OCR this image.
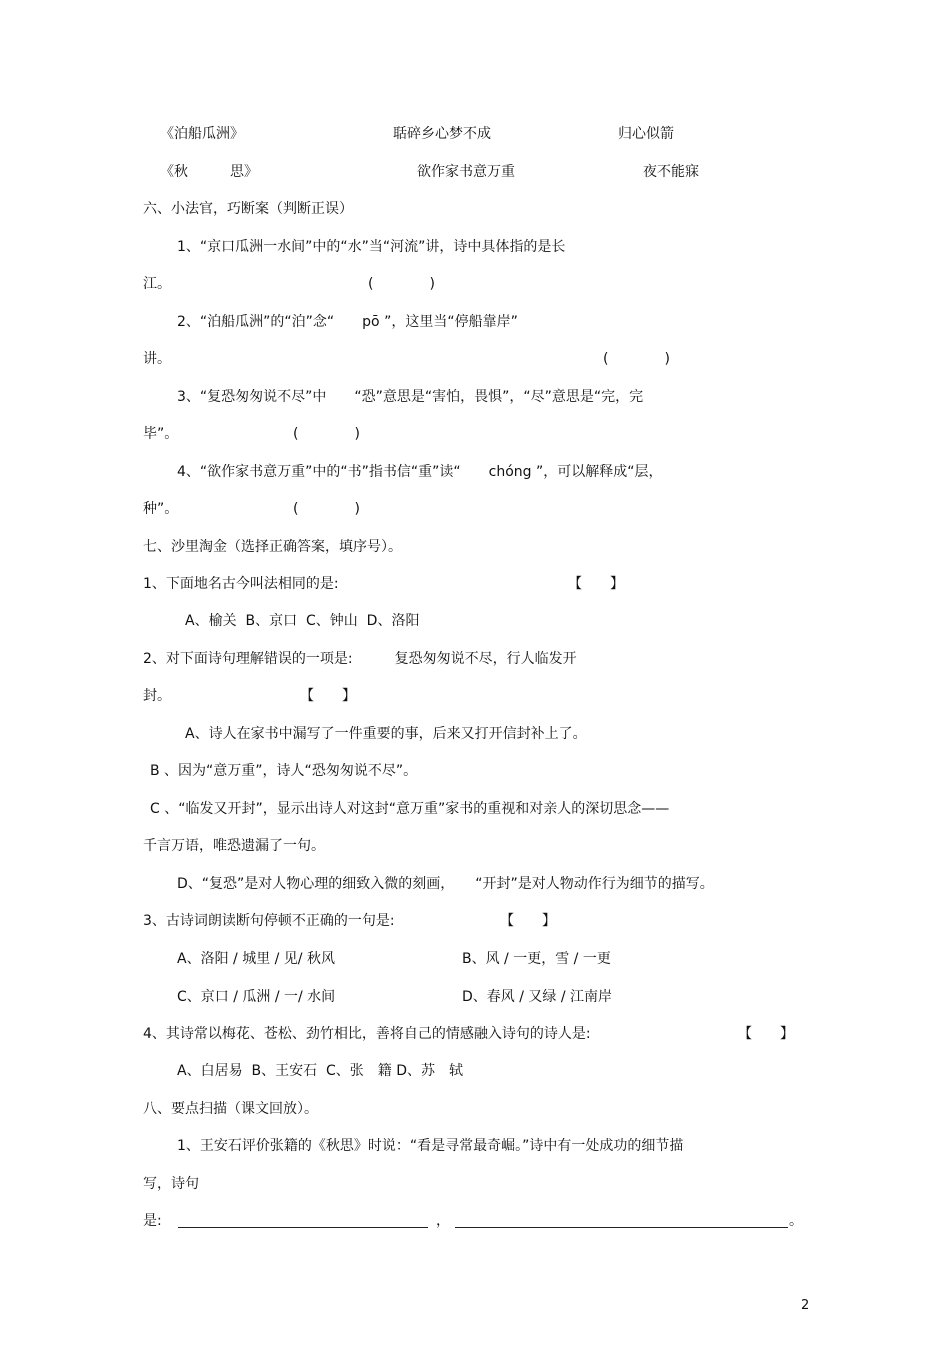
《泊船瓜洲》	聒碎乡心梦不成	归心似箭
《秋　　　思》	欲作家书意万重	夜不能寐
六、小法官，巧断案（判断正误）
1、“京口瓜洲一水间”中的“水”当“河流”讲，诗中具体指的是长
江。	(　　　　)
2、“泊船瓜洲”的“泊”念“　　pō ”，这里当“停船靠岸”
讲。	(　　　　)
3、“复恐匆匆说不尽”中　　“恐”意思是“害怕，畏惧”，“尽”意思是“完，完
毕”。	(　　　　)
4、“欲作家书意万重”中的“书”指书信“重”读“　　chóng ”，可以解释成“层，
种”。	(　　　　)
七、沙里淘金（选择正确答案，填序号）。
1、下面地名古今叫法相同的是:	【　　】
A、榆关  B、京口  C、钟山  D、洛阳
2、对下面诗句理解错误的一项是:　　　复恐匆匆说不尽，行人临发开
封。	【　　】
A、诗人在家书中漏写了一件重要的事，后来又打开信封补上了。
B 、因为“意万重”，诗人“恐匆匆说不尽”。
C 、“临发又开封”，显示出诗人对这封“意万重”家书的重视和对亲人的深切思念——
千言万语，唯恐遗漏了一句。
D、“复恐”是对人物心理的细致入微的刻画，　　“开封”是对人物动作行为细节的描写。
3、古诗词朗读断句停顿不正确的一句是:	【　　】
A、洛阳 / 城里 / 见/ 秋风	B、风 / 一更，雪 / 一更
C、京口 / 瓜洲 / 一/ 水间	D、春风 / 又绿 / 江南岸
4、其诗常以梅花、苍松、劲竹相比，善将自己的情感融入诗句的诗人是:	【　　】
A、白居易  B、王安石  C、张　籍 D、苏　轼
八、要点扫描（课文回放）。
1、王安石评价张籍的《秋思》时说：“看是寻常最奇崛。”诗中有一处成功的细节描
写，诗句
是:	，	。
2
